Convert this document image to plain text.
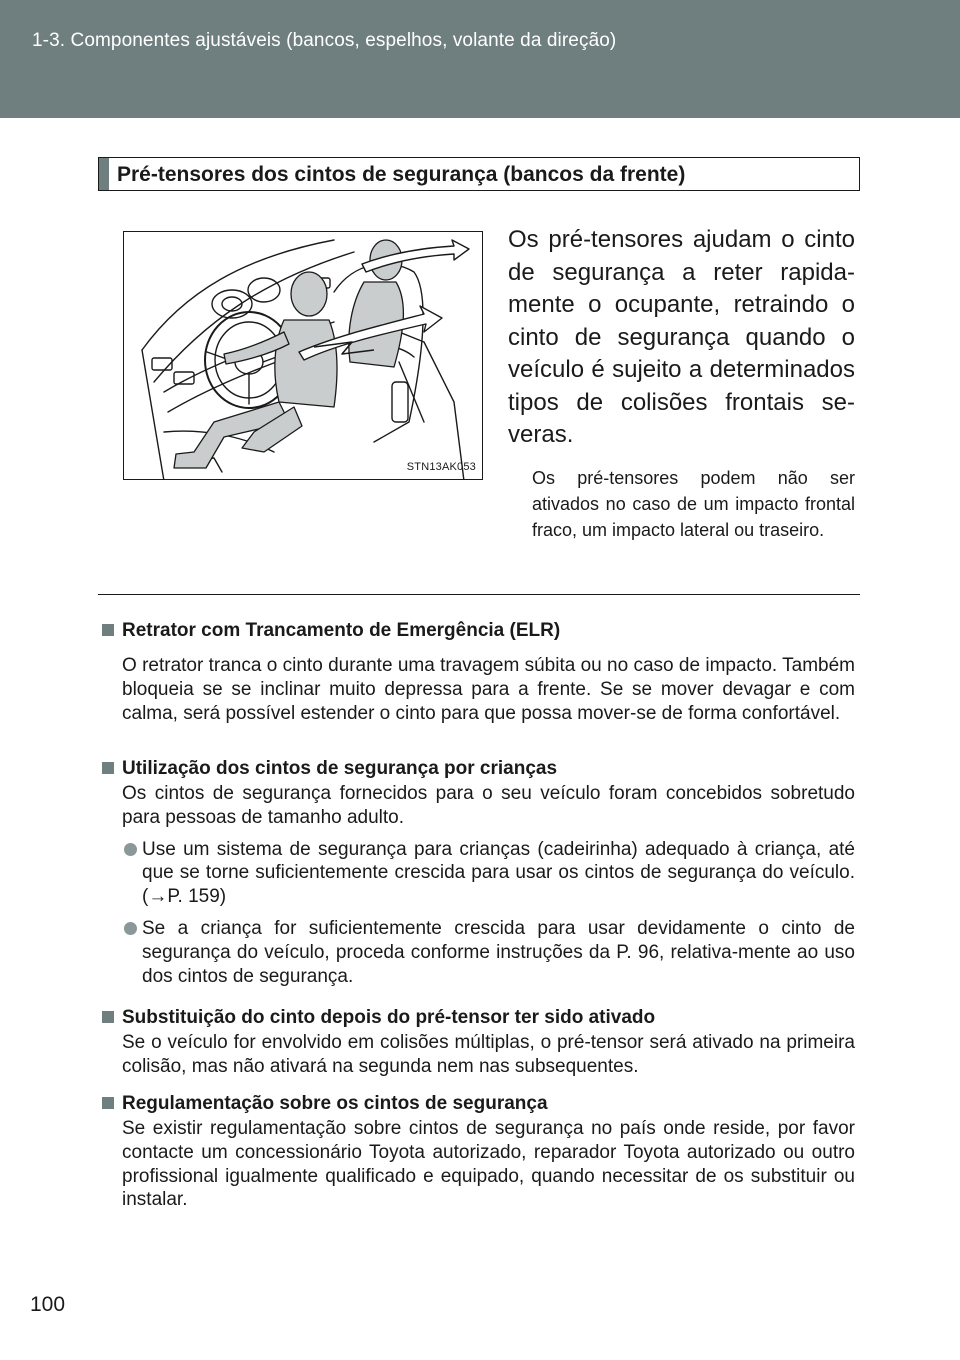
1-3. Componentes ajustáveis (bancos, espelhos, volante da direção)
Pré-tensores dos cintos de segurança (bancos da frente)
STN13AK053
Os pré-tensores ajudam o cinto de segurança a reter rapida-mente o ocupante, retraindo o cinto de segurança quando o veículo é sujeito a determinados tipos de colisões frontais se-veras.
Os pré-tensores podem não ser ativados no caso de um impacto frontal fraco, um impacto lateral ou traseiro.
Retrator com Trancamento de Emergência (ELR)
O retrator tranca o cinto durante uma travagem súbita ou no caso de impacto. Também bloqueia se se inclinar muito depressa para a frente. Se se mover devagar e com calma, será possível estender o cinto para que possa mover-se de forma confortável.
Utilização dos cintos de segurança por crianças
Os cintos de segurança fornecidos para o seu veículo foram concebidos sobretudo para pessoas de tamanho adulto.
Use um sistema de segurança para crianças (cadeirinha) adequado à criança, até que se torne suficientemente crescida para usar os cintos de segurança do veículo. (→P. 159)
Se a criança for suficientemente crescida para usar devidamente o cinto de segurança do veículo, proceda conforme instruções da P. 96, relativa-mente ao uso dos cintos de segurança.
Substituição do cinto depois do pré-tensor ter sido ativado
Se o veículo for envolvido em colisões múltiplas, o pré-tensor será ativado na primeira colisão, mas não ativará na segunda nem nas subsequentes.
Regulamentação sobre os cintos de segurança
Se existir regulamentação sobre cintos de segurança no país onde reside, por favor contacte um concessionário Toyota autorizado, reparador Toyota autorizado ou outro profissional igualmente qualificado e equipado, quando necessitar de os substituir ou instalar.
100
